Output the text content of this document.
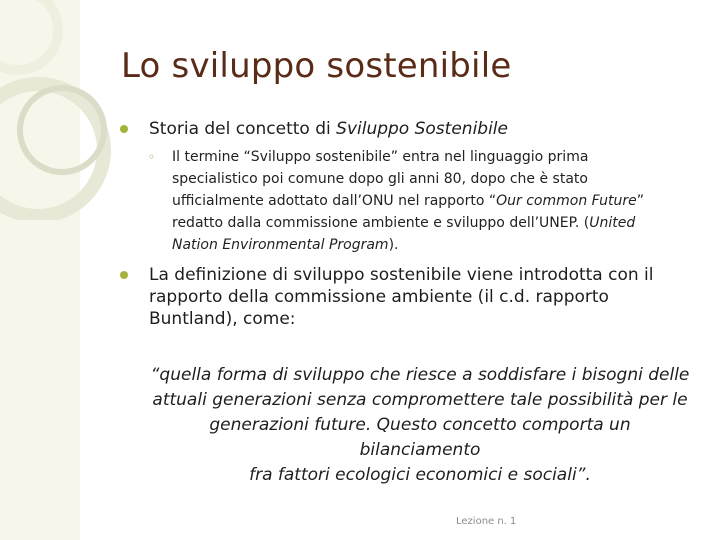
Lo sviluppo sostenibile
Storia del concetto di Sviluppo Sostenibile
◦ Il termine “Sviluppo sostenibile” entra nel linguaggio prima
specialistico poi comune dopo gli anni 80, dopo che è stato
ufficialmente adottato dall’ONU nel rapporto “Our common Future”
redatto dalla commissione ambiente e sviluppo dell’UNEP. (United
Nation Environmental Program).
La definizione di sviluppo sostenibile viene introdotta con il
rapporto della commissione ambiente (il c.d. rapporto
Buntland), come:
“quella forma di sviluppo che riesce a soddisfare i bisogni delle
attuali generazioni senza compromettere tale possibilità per le
generazioni future. Questo concetto comporta un bilanciamento
fra fattori ecologici economici e sociali”.
Lezione n. 1
